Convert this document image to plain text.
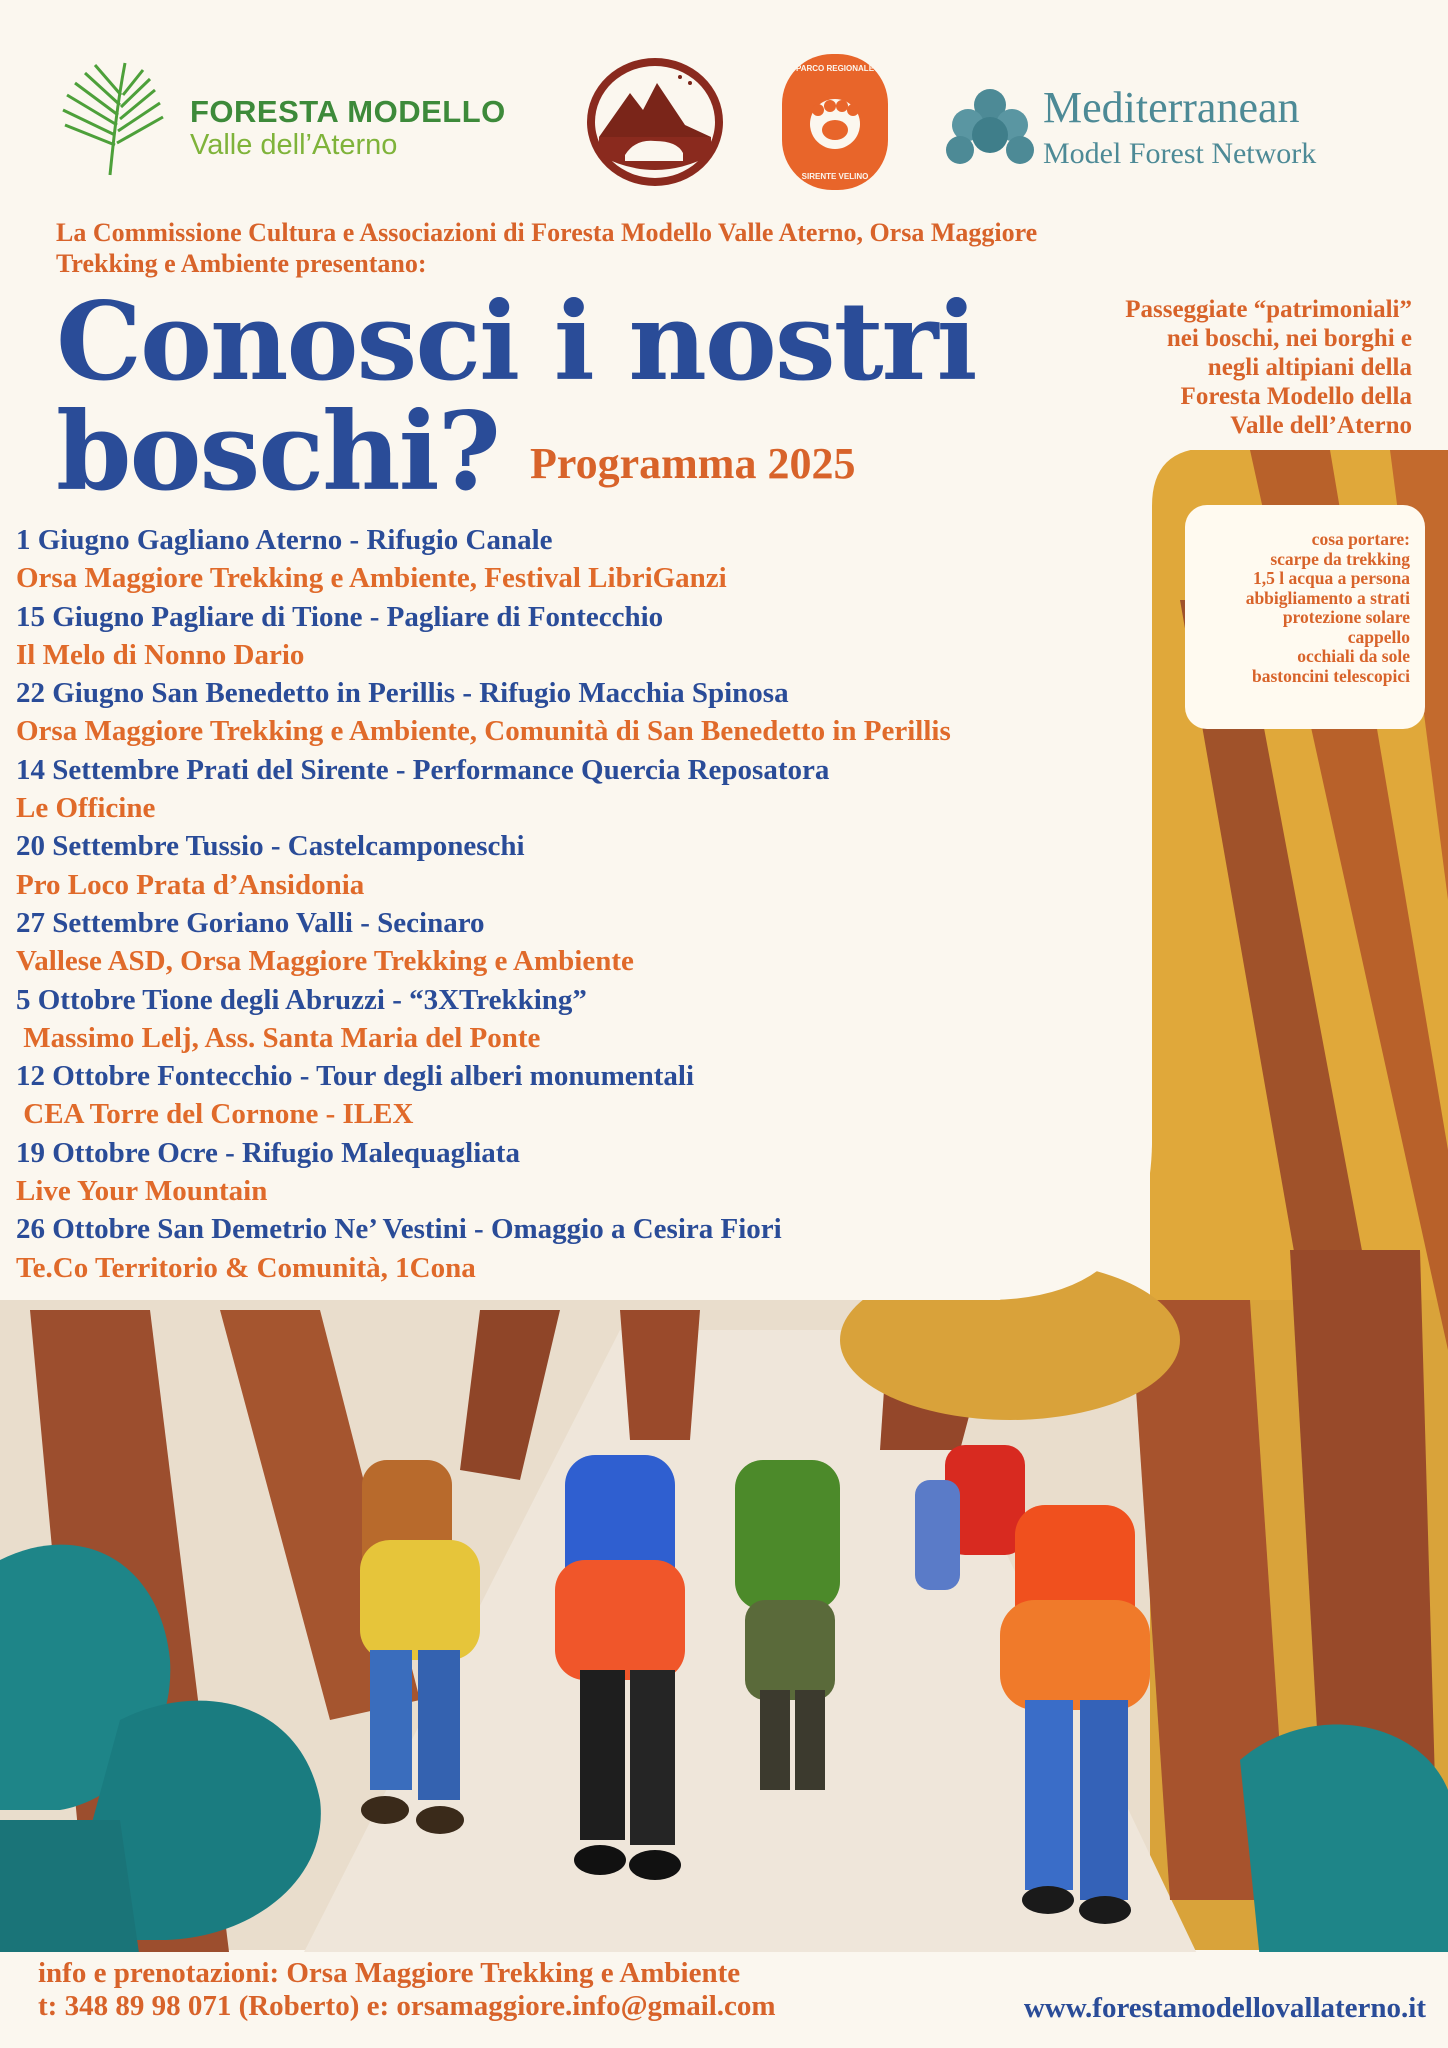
FORESTA MODELLO
Valle dell’Aterno
PARCO REGIONALE
SIRENTE VELINO
Mediterranean
Model Forest Network
La Commissione Cultura e Associazioni di Foresta Modello Valle Aterno, Orsa Maggiore
Trekking e Ambiente presentano:
Conosci i nostri
boschi? Programma 2025
Passeggiate “patrimoniali”
nei boschi, nei borghi e
negli altipiani della
Foresta Modello della
Valle dell’Aterno
1 Giugno Gagliano Aterno - Rifugio Canale
Orsa Maggiore Trekking e Ambiente, Festival LibriGanzi
15 Giugno Pagliare di Tione - Pagliare di Fontecchio
Il Melo di Nonno Dario
22 Giugno San Benedetto in Perillis - Rifugio Macchia Spinosa
Orsa Maggiore Trekking e Ambiente, Comunità di San Benedetto in Perillis
14 Settembre Prati del Sirente - Performance Quercia Reposatora
Le Officine
20 Settembre Tussio - Castelcamponeschi
Pro Loco Prata d’Ansidonia
27 Settembre Goriano Valli - Secinaro
Vallese ASD, Orsa Maggiore Trekking e Ambiente
5 Ottobre Tione degli Abruzzi - “3XTrekking”
Massimo Lelj, Ass. Santa Maria del Ponte
12 Ottobre Fontecchio - Tour degli alberi monumentali
CEA Torre del Cornone - ILEX
19 Ottobre Ocre - Rifugio Malequagliata
Live Your Mountain
26 Ottobre San Demetrio Ne’ Vestini - Omaggio a Cesira Fiori
Te.Co Territorio & Comunità, 1Cona
cosa portare:
scarpe da trekking
1,5 l acqua a persona
abbigliamento a strati
protezione solare
cappello
occhiali da sole
bastoncini telescopici
info e prenotazioni: Orsa Maggiore Trekking e Ambiente
t: 348 89 98 071 (Roberto) e: orsamaggiore.info@gmail.com	www.forestamodellovallaterno.it
